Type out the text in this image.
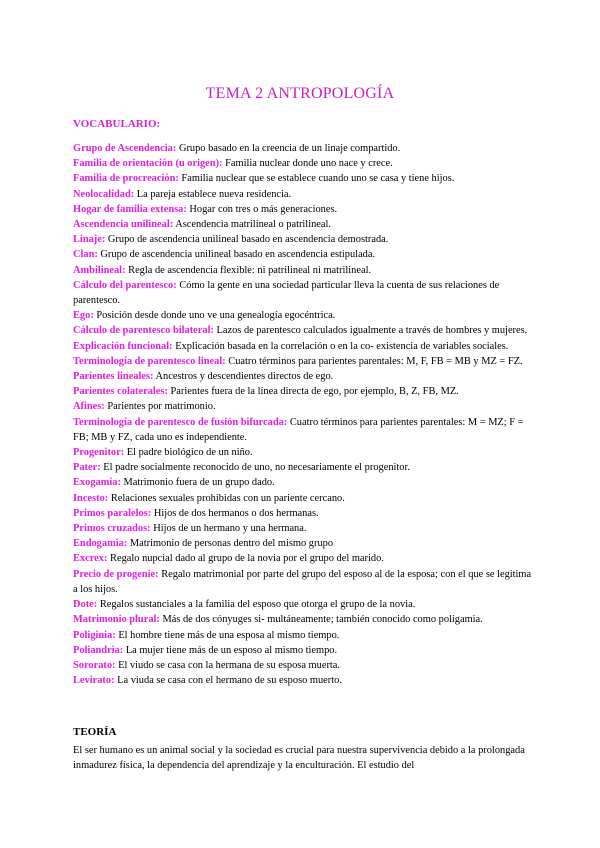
TEMA 2 ANTROPOLOGÍA
VOCABULARIO:

Grupo de Ascendencia: Grupo basado en la creencia de un linaje compartido.

Familia de orientación (u origen): Familia nuclear donde uno nace y crece.

Familia de procreación: Familia nuclear que se establece cuando uno se casa y tiene hijos.

Neolocalidad: La pareja establece nueva residencia.

Hogar de familia extensa: Hogar con tres o más generaciones.

Ascendencia unilineal: Ascendencia matrilineal o patrilineal.

Linaje: Grupo de ascendencia unilineal basado en ascendencia demostrada.

Clan: Grupo de ascendencia unilineal basado en ascendencia estipulada.

Ambilineal: Regla de ascendencia flexible: ni patrilineal ni matrilineal.

Cálculo del parentesco: Cómo la gente en una sociedad particular lleva la cuenta de sus relaciones de parentesco.

Ego: Posición desde donde uno ve una genealogía egocéntrica.

Cálculo de parentesco bilateral: Lazos de parentesco calculados igualmente a través de hombres y mujeres.

Explicación funcional: Explicación basada en la correlación o en la co- existencia de variables sociales.

Terminología de parentesco lineal: Cuatro términos para parientes parentales: M, F, FB = MB y MZ = FZ.

Parientes lineales: Ancestros y descendientes directos de ego.

Parientes colaterales: Parientes fuera de la línea directa de ego, por ejemplo, B, Z, FB, MZ.

Afines: Parientes por matrimonio.

Terminología de parentesco de fusión bifurcada: Cuatro términos para parientes parentales: M = MZ; F = FB; MB y FZ, cada uno es independiente.

Progenitor: El padre biológico de un niño.

Pater: El padre socialmente reconocido de uno, no necesariamente el progenitor.

Exogamia: Matrimonio fuera de un grupo dado.

Incesto: Relaciones sexuales prohibidas con un pariente cercano.

Primos paralelos: Hijos de dos hermanos o dos hermanas.

Primos cruzados: Hijos de un hermano y una hermana.

Endogamia: Matrimonio de personas dentro del mismo grupo

Excrex: Regalo nupcial dado al grupo de la novia por el grupo del marido.

Precio de progenie: Regalo matrimonial por parte del grupo del esposo al de la esposa; con el que se legitima a los hijos.

Dote: Regalos sustanciales a la familia del esposo que otorga el grupo de la novia.

Matrimonio plural: Más de dos cónyuges si- multáneamente; también conocido como poligamia.

Poliginia: El hombre tiene más de una esposa al mismo tiempo.

Poliandria: La mujer tiene más de un esposo al mismo tiempo.

Sororato: El viudo se casa con la hermana de su esposa muerta.

Levirato: La viuda se casa con el hermano de su esposo muerto.

TEORÍA
El ser humano es un animal social y la sociedad es crucial para nuestra supervivencia debido a la prolongada inmadurez física, la dependencia del aprendizaje y la enculturación. El estudio del
